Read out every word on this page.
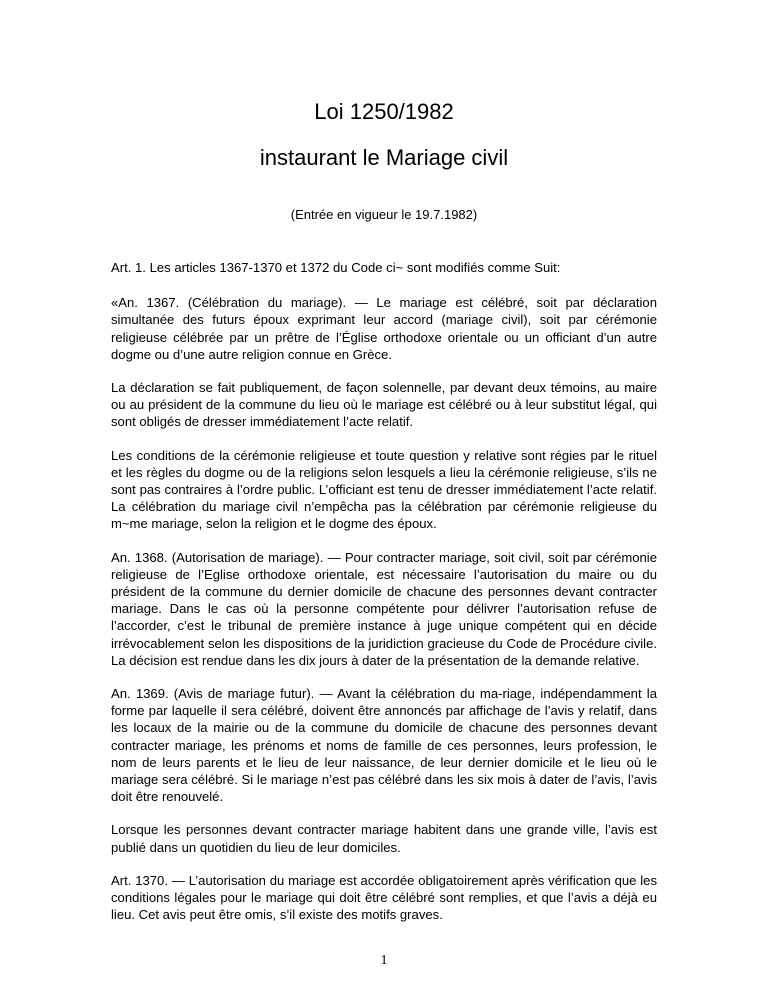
Loi 1250/1982
instaurant le Mariage civil
(Entrée en vigueur le 19.7.1982)

Art. 1. Les articles 1367-1370 et 1372 du Code ci~ sont modifiés comme Suit:

«An. 1367. (Célébration du mariage). — Le mariage est célébré, soit par déclaration simultanée des futurs époux exprimant leur accord (mariage civil), soit par cérémonie religieuse célébrée par un prêtre de l’Église orthodoxe orientale ou un officiant d’un autre dogme ou d’une autre religion connue en Grèce.

La déclaration se fait publiquement, de façon solennelle, par devant deux témoins, au maire ou au président de la commune du lieu où le mariage est célébré ou à leur substitut légal, qui sont obligés de dresser immédiatement l’acte relatif.

Les conditions de la cérémonie religieuse et toute question y relative sont régies par le rituel et les règles du dogme ou de la religions selon lesquels a lieu la cérémonie religieuse, s’ils ne sont pas contraires à l’ordre public. L’officiant est tenu de dresser immédiatement l’acte relatif. La célébration du mariage civil n’empêcha pas la célébration par cérémonie religieuse du m~me mariage, selon la religion et le dogme des époux.

An. 1368. (Autorisation de mariage). — Pour contracter mariage, soit civil, soit par cérémonie religieuse de l’Eglise orthodoxe orientale, est nécessaire l’autorisation du maire ou du président de la commune du dernier domicile de chacune des personnes devant contracter mariage. Dans le cas où la personne compétente pour délivrer l’autorisation refuse de l’accorder, c’est le tribunal de première instance à juge unique compétent qui en décide irrévocablement selon les dispositions de la juridiction gracieuse du Code de Procédure civile. La décision est rendue dans les dix jours à dater de la présentation de la demande relative.

An. 1369. (Avis de mariage futur). — Avant la célébration du ma-riage, indépendamment la forme par laquelle il sera célébré, doivent être annoncés par affichage de l’avis y relatif, dans les locaux de la mairie ou de la commune du domicile de chacune des personnes devant contracter mariage, les prénoms et noms de famille de ces personnes, leurs profession, le nom de leurs parents et le lieu de leur naissance, de leur dernier domicile et le lieu où le mariage sera célébré. Si le mariage n’est pas célébré dans les six mois à dater de l’avis, l’avis doit être renouvelé.

Lorsque les personnes devant contracter mariage habitent dans une grande ville, l’avis est publié dans un quotidien du lieu de leur domiciles.

Art. 1370. — L’autorisation du mariage est accordée obligatoirement après vérification que les conditions légales pour le mariage qui doit être célébré sont remplies, et que l’avis a déjà eu lieu. Cet avis peut être omis, s’il existe des motifs graves.

1
